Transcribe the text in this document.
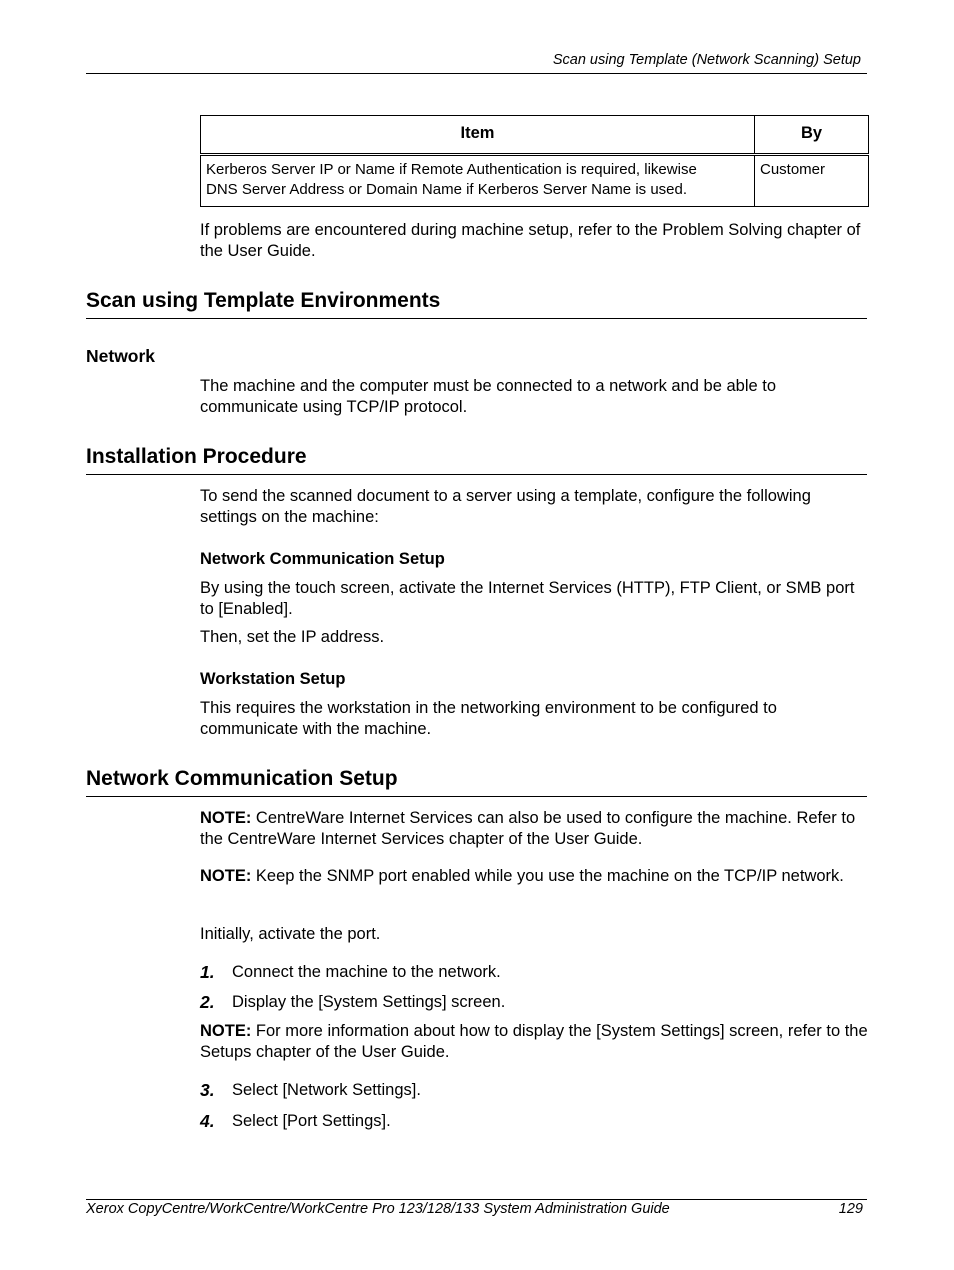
Scan using Template (Network Scanning) Setup
Item	By
Kerberos Server IP or Name if Remote Authentication is required, likewise
DNS Server Address or Domain Name if Kerberos Server Name is used.	Customer

If problems are encountered during machine setup, refer to the Problem Solving chapter of the User Guide.

Scan using Template Environments
Network

The machine and the computer must be connected to a network and be able to communicate using TCP/IP protocol.

Installation Procedure

To send the scanned document to a server using a template, configure the following settings on the machine:

Network Communication Setup

By using the touch screen, activate the Internet Services (HTTP), FTP Client, or SMB port to [Enabled].

Then, set the IP address.

Workstation Setup

This requires the workstation in the networking environment to be configured to communicate with the machine.

Network Communication Setup

NOTE: CentreWare Internet Services can also be used to configure the machine. Refer to the CentreWare Internet Services chapter of the User Guide.

NOTE: Keep the SNMP port enabled while you use the machine on the TCP/IP network.

Initially, activate the port.

1. Connect the machine to the network.
2. Display the [System Settings] screen.

NOTE: For more information about how to display the [System Settings] screen, refer to the Setups chapter of the User Guide.

3. Select [Network Settings].
4. Select [Port Settings].
Xerox CopyCentre/WorkCentre/WorkCentre Pro 123/128/133 System Administration Guide	129
